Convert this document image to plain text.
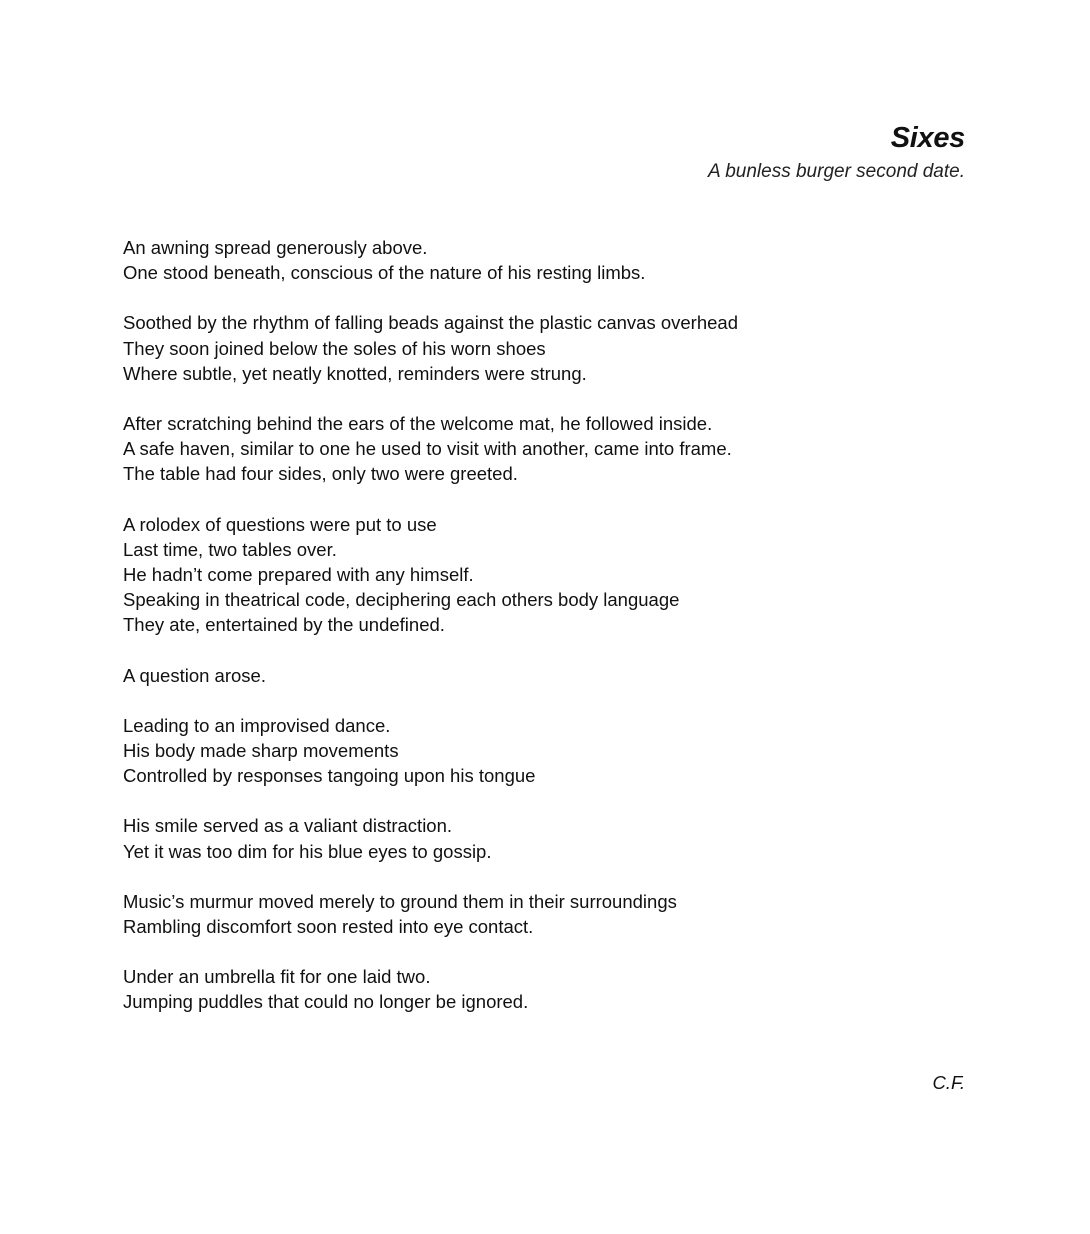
Sixes
A bunless burger second date.
An awning spread generously above.
One stood beneath, conscious of the nature of his resting limbs.
Soothed by the rhythm of falling beads against the plastic canvas overhead
They soon joined below the soles of his worn shoes
Where subtle, yet neatly knotted, reminders were strung.
After scratching behind the ears of the welcome mat, he followed inside.
A safe haven, similar to one he used to visit with another, came into frame.
The table had four sides, only two were greeted.
A rolodex of questions were put to use
Last time, two tables over.
He hadn’t come prepared with any himself.
Speaking in theatrical code, deciphering each others body language
They ate, entertained by the undefined.
A question arose.
Leading to an improvised dance.
His body made sharp movements
Controlled by responses tangoing upon his tongue
His smile served as a valiant distraction.
Yet it was too dim for his blue eyes to gossip.
Music’s murmur moved merely to ground them in their surroundings
Rambling discomfort soon rested into eye contact.
Under an umbrella fit for one laid two.
Jumping puddles that could no longer be ignored.
C.F.
